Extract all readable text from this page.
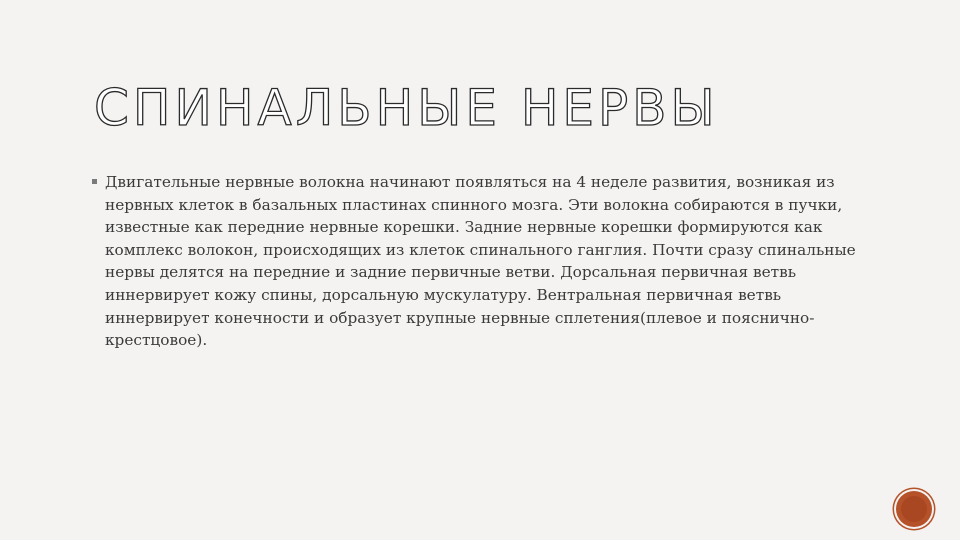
СПИНАЛЬНЫЕ НЕРВЫ
Двигательные нервные волокна начинают появляться на 4 неделе развития, возникая из нервных клеток в базальных пластинах спинного мозга. Эти волокна собираются в пучки, известные как передние нервные корешки. Задние нервные корешки формируются как комплекс волокон, происходящих из клеток спинального ганглия. Почти сразу спинальные нервы делятся на передние и задние первичные ветви. Дорсальная первичная ветвь иннервирует кожу спины, дорсальную мускулатуру. Вентральная первичная ветвь иннервирует конечности и образует крупные нервные сплетения(плевое и пояснично-крестцовое).
